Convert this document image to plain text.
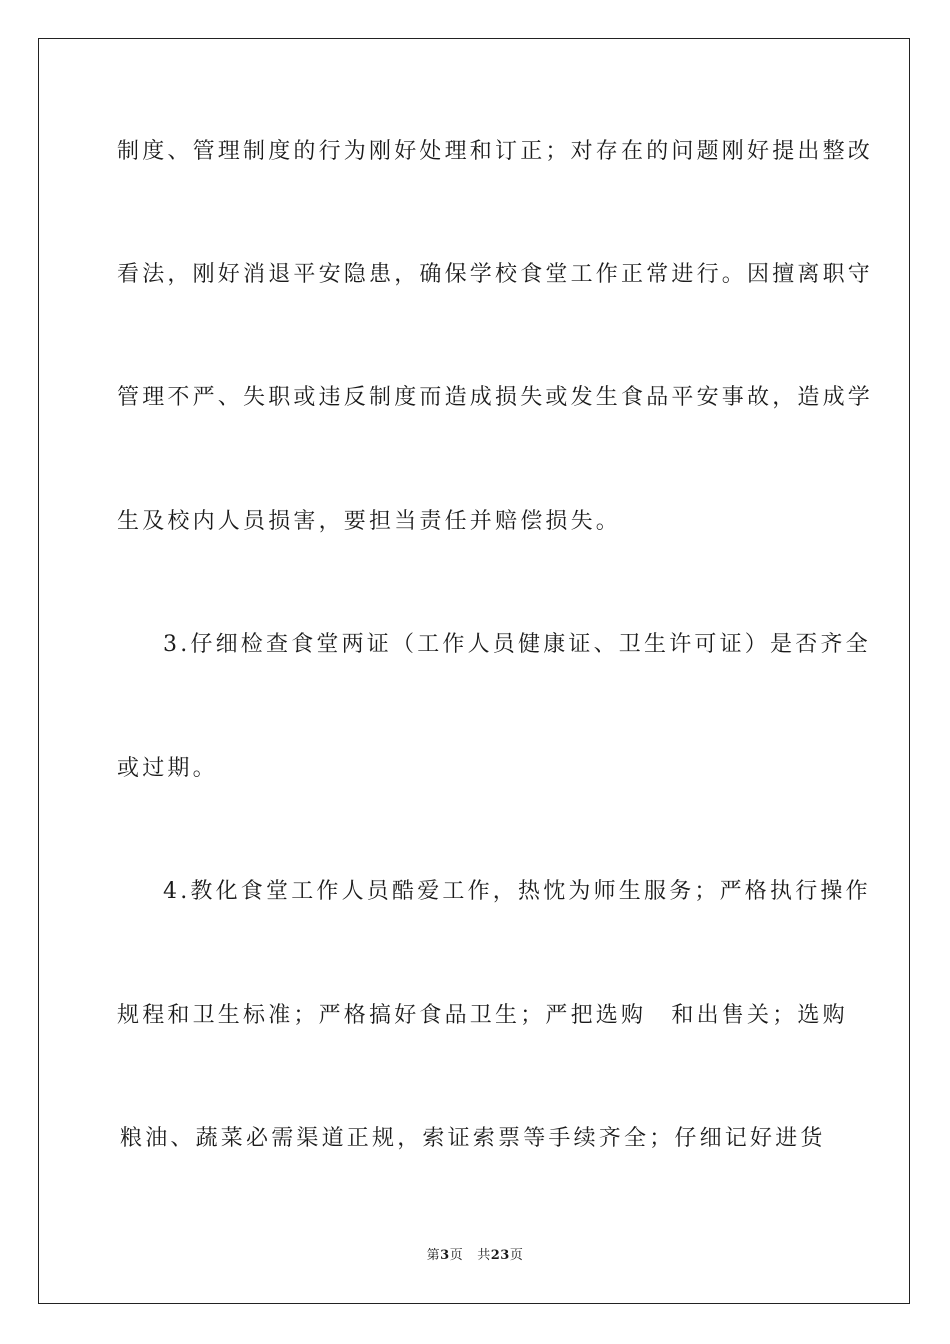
制度、管理制度的行为刚好处理和订正；对存在的问题刚好提出整改
看法，刚好消退平安隐患，确保学校食堂工作正常进行。因擅离职守
管理不严、失职或违反制度而造成损失或发生食品平安事故，造成学
生及校内人员损害，要担当责任并赔偿损失。
3.仔细检查食堂两证（工作人员健康证、卫生许可证）是否齐全
或过期。
4.教化食堂工作人员酷爱工作，热忱为师生服务；严格执行操作
规程和卫生标准；严格搞好食品卫生；严把选购　和出售关；选购
粮油、蔬菜必需渠道正规，索证索票等手续齐全；仔细记好进货
第3页 共23页
